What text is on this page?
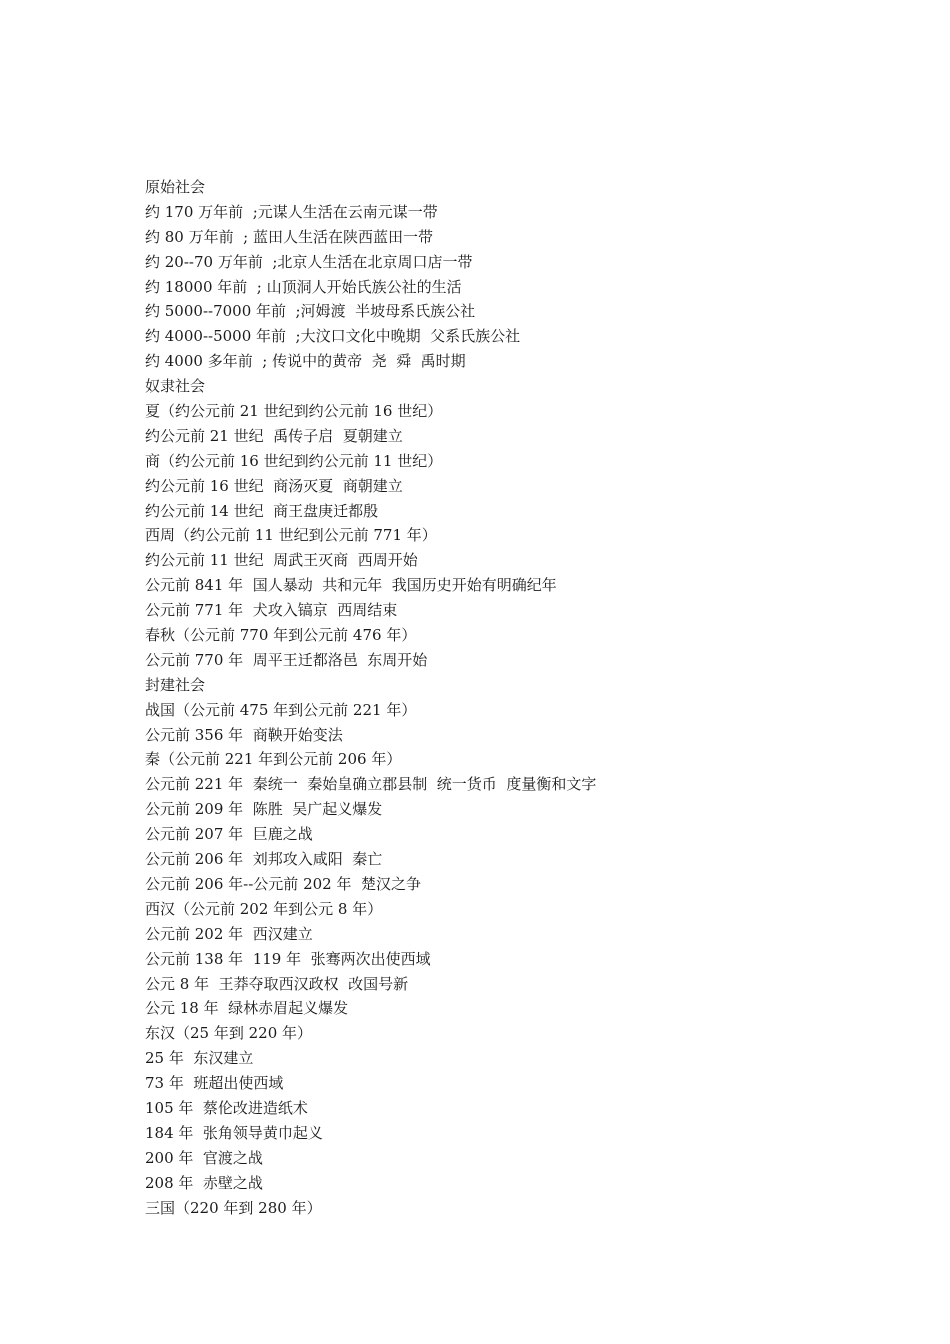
原始社会
约 170 万年前  ;元谋人生活在云南元谋一带
约 80 万年前  ; 蓝田人生活在陕西蓝田一带
约 20--70 万年前  ;北京人生活在北京周口店一带
约 18000 年前  ; 山顶洞人开始氏族公社的生活
约 5000--7000 年前  ;河姆渡  半坡母系氏族公社
约 4000--5000 年前  ;大汶口文化中晚期  父系氏族公社
约 4000 多年前  ; 传说中的黄帝  尧  舜  禹时期
奴隶社会
夏（约公元前 21 世纪到约公元前 16 世纪）
约公元前 21 世纪  禹传子启  夏朝建立
商（约公元前 16 世纪到约公元前 11 世纪）
约公元前 16 世纪  商汤灭夏  商朝建立
约公元前 14 世纪  商王盘庚迁都殷
西周（约公元前 11 世纪到公元前 771 年）
约公元前 11 世纪  周武王灭商  西周开始
公元前 841 年  国人暴动  共和元年  我国历史开始有明确纪年
公元前 771 年  犬攻入镐京  西周结束
春秋（公元前 770 年到公元前 476 年）
公元前 770 年  周平王迁都洛邑  东周开始
封建社会
战国（公元前 475 年到公元前 221 年）
公元前 356 年  商鞅开始变法
秦（公元前 221 年到公元前 206 年）
公元前 221 年  秦统一  秦始皇确立郡县制  统一货币  度量衡和文字
公元前 209 年  陈胜  吴广起义爆发
公元前 207 年  巨鹿之战
公元前 206 年  刘邦攻入咸阳  秦亡
公元前 206 年--公元前 202 年  楚汉之争
西汉（公元前 202 年到公元 8 年）
公元前 202 年  西汉建立
公元前 138 年  119 年  张骞两次出使西域
公元 8 年  王莽夺取西汉政权  改国号新
公元 18 年  绿林赤眉起义爆发
东汉（25 年到 220 年）
25 年  东汉建立
73 年  班超出使西域
105 年  蔡伦改进造纸术
184 年  张角领导黄巾起义
200 年  官渡之战
208 年  赤壁之战
三国（220 年到 280 年）
